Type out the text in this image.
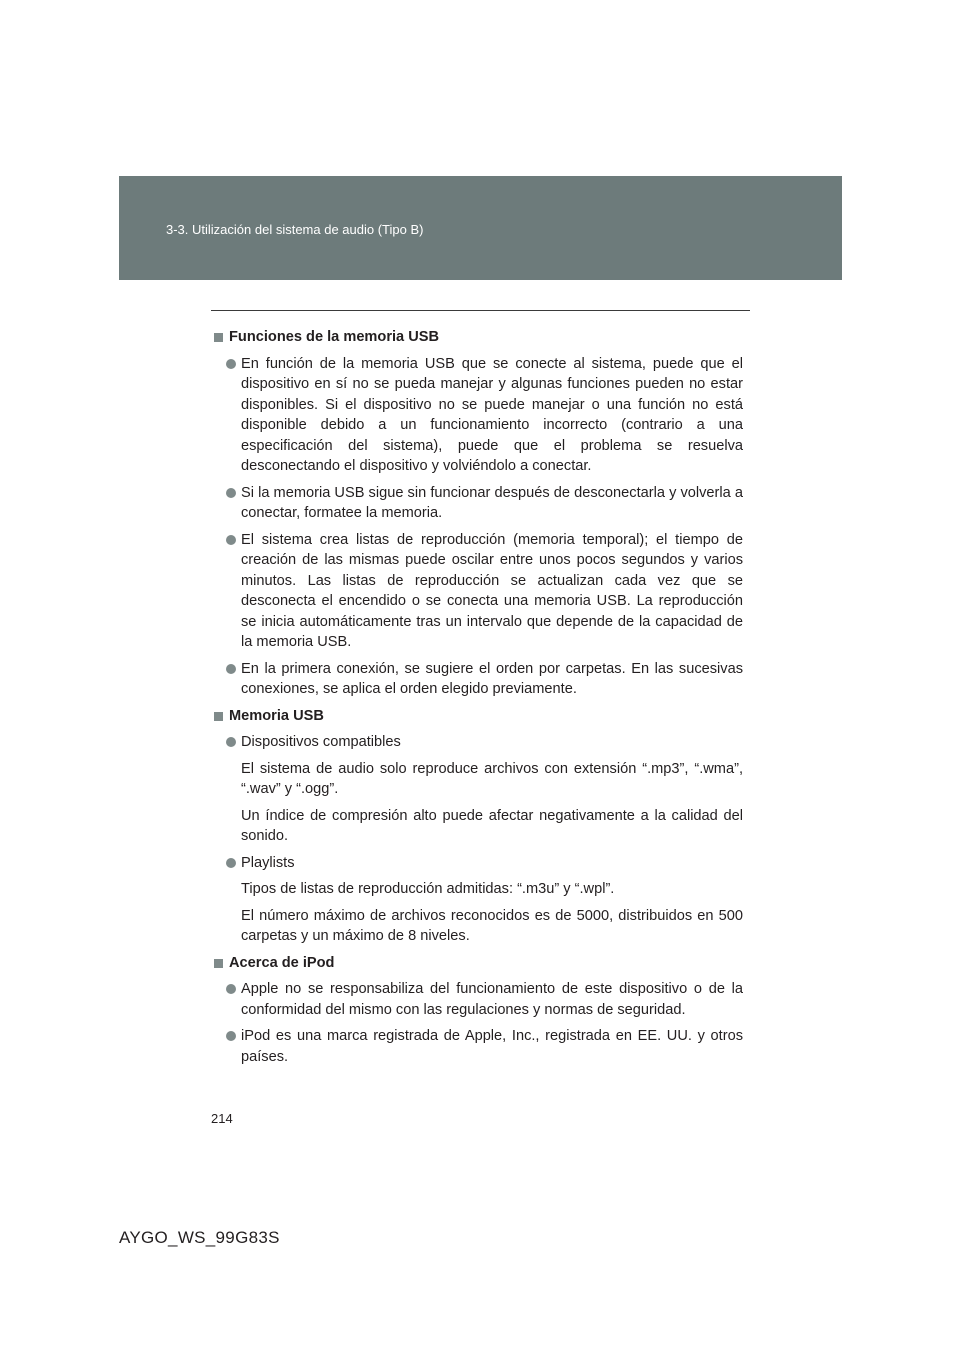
3-3. Utilización del sistema de audio (Tipo B)
Funciones de la memoria USB
En función de la memoria USB que se conecte al sistema, puede que el dispositivo en sí no se pueda manejar y algunas funciones pueden no estar disponibles. Si el dispositivo no se puede manejar o una función no está disponible debido a un funcionamiento incorrecto (contrario a una especificación del sistema), puede que el problema se resuelva desconectando el dispositivo y volviéndolo a conectar.
Si la memoria USB sigue sin funcionar después de desconectarla y volverla a conectar, formatee la memoria.
El sistema crea listas de reproducción (memoria temporal); el tiempo de creación de las mismas puede oscilar entre unos pocos segundos y varios minutos. Las listas de reproducción se actualizan cada vez que se desconecta el encendido o se conecta una memoria USB. La reproducción se inicia automáticamente tras un intervalo que depende de la capacidad de la memoria USB.
En la primera conexión, se sugiere el orden por carpetas. En las sucesivas conexiones, se aplica el orden elegido previamente.
Memoria USB
Dispositivos compatibles
El sistema de audio solo reproduce archivos con extensión “.mp3”, “.wma”, “.wav” y “.ogg”.
Un índice de compresión alto puede afectar negativamente a la calidad del sonido.
Playlists
Tipos de listas de reproducción admitidas: “.m3u” y “.wpl”.
El número máximo de archivos reconocidos es de 5000, distribuidos en 500 carpetas y un máximo de 8 niveles.
Acerca de iPod
Apple no se responsabiliza del funcionamiento de este dispositivo o de la conformidad del mismo con las regulaciones y normas de seguridad.
iPod es una marca registrada de Apple, Inc., registrada en EE. UU. y otros países.
214
AYGO_WS_99G83S
